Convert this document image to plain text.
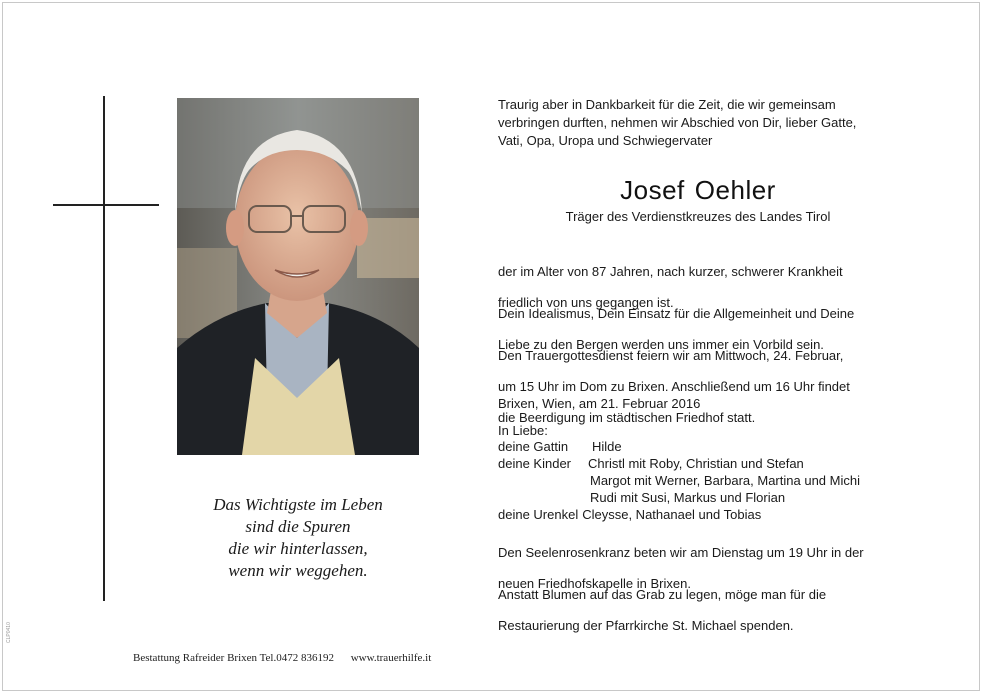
Das Wichtigste im Leben
sind die Spuren
die wir hinterlassen,
wenn wir weggehen.
Bestattung Rafreider Brixen Tel.0472 836192 www.trauerhilfe.it
CLP0410

Traurig aber in Dankbarkeit für die Zeit, die wir gemeinsam

verbringen durften, nehmen wir Abschied von Dir, lieber Gatte,

Vati, Opa, Uropa und Schwiegervater

Josef Oehler
Träger des Verdienstkreuzes des Landes Tirol

der im Alter von 87 Jahren, nach kurzer, schwerer Krankheit

friedlich von uns gegangen ist.

Dein Idealismus, Dein Einsatz für die Allgemeinheit und Deine

Liebe zu den Bergen werden uns immer ein Vorbild sein.

Den Trauergottesdienst feiern wir am Mittwoch, 24. Februar,

um 15 Uhr im Dom zu Brixen. Anschließend um 16 Uhr findet

die Beerdigung im städtischen Friedhof statt.

Brixen, Wien, am 21. Februar 2016
In Liebe:
deine Gattin	Hilde
deine Kinder	Christl mit Roby, Christian und Stefan
Margot mit Werner, Barbara, Martina und Michi
Rudi mit Susi, Markus und Florian
deine Urenkel Cleysse, Nathanael und Tobias

Den Seelenrosenkranz beten wir am Dienstag um 19 Uhr in der

neuen Friedhofskapelle in Brixen.

Anstatt Blumen auf das Grab zu legen, möge man für die

Restaurierung der Pfarrkirche St. Michael spenden.
